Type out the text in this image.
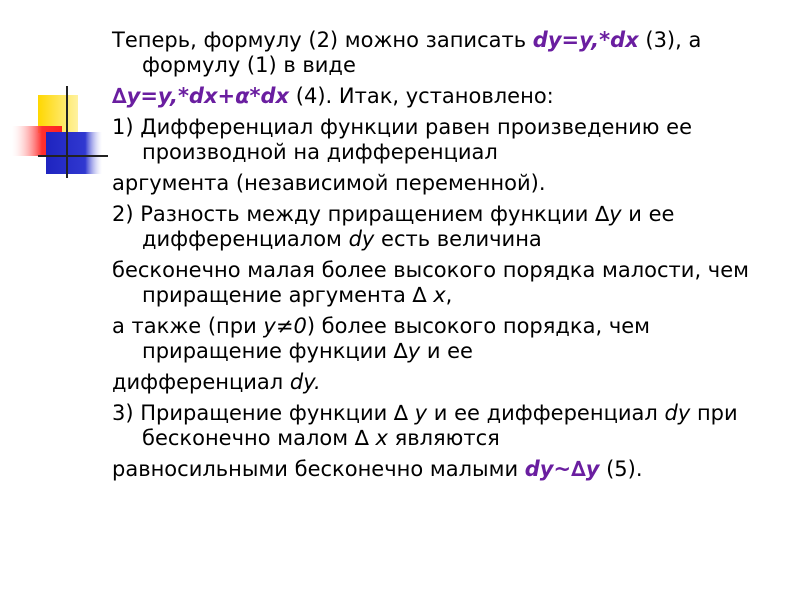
Теперь, формулу (2) можно записать dy=y,*dx (3), а формулу (1) в виде

∆y=y,*dx+α*dx (4). Итак, установлено:

1) Дифференциал функции равен произведению ее производной на дифференциал

аргумента (независимой переменной).

2) Разность между приращением функции ∆y и ее дифференциалом dy есть величина

бесконечно малая более высокого порядка малости, чем приращение аргумента ∆ x,

а также (при y≠0) более высокого порядка, чем приращение функции ∆y и ее

дифференциал dy.

3) Приращение функции ∆ y и ее дифференциал dy при бесконечно малом ∆ x являются

равносильными бесконечно малыми dy~∆y (5).
